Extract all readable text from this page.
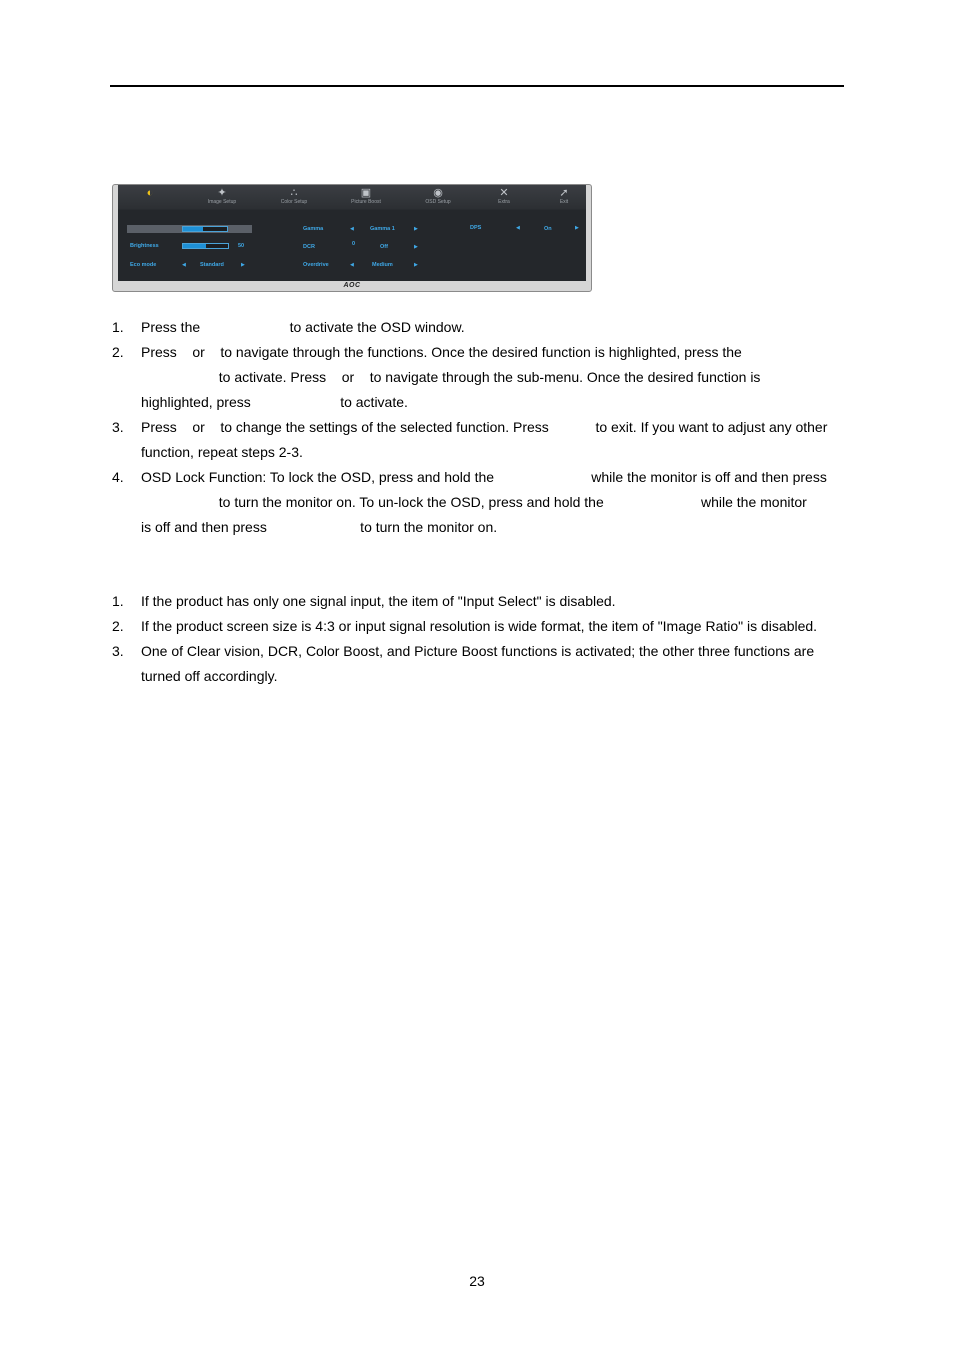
◐	✦
Image Setup
∴
Color Setup
▣
Picture Boost
◉
OSD Setup
✕
Extra
➚
Exit
Brightness	50
Eco mode	◀	Standard	▶
Gamma	◀	Gamma 1	▶
DCR	0	Off	▶
Overdrive	◀	Medium	▶
DPS	◀	On	▶
AOC
1. Press the                       to activate the OSD window.
2. Press    or    to navigate through the functions. Once the desired function is highlighted, press the
to activate. Press    or    to navigate through the sub-menu. Once the desired function is
highlighted, press                       to activate.
3. Press    or    to change the settings of the selected function. Press            to exit. If you want to adjust any other
function, repeat steps 2-3.
4. OSD Lock Function: To lock the OSD, press and hold the                         while the monitor is off and then press
to turn the monitor on. To un-lock the OSD, press and hold the                         while the monitor
is off and then press                        to turn the monitor on.
1. If the product has only one signal input, the item of "Input Select" is disabled.
2. If the product screen size is 4:3 or input signal resolution is wide format, the item of "Image Ratio" is disabled.
3. One of Clear vision, DCR, Color Boost, and Picture Boost functions is activated; the other three functions are
turned off accordingly.
23
